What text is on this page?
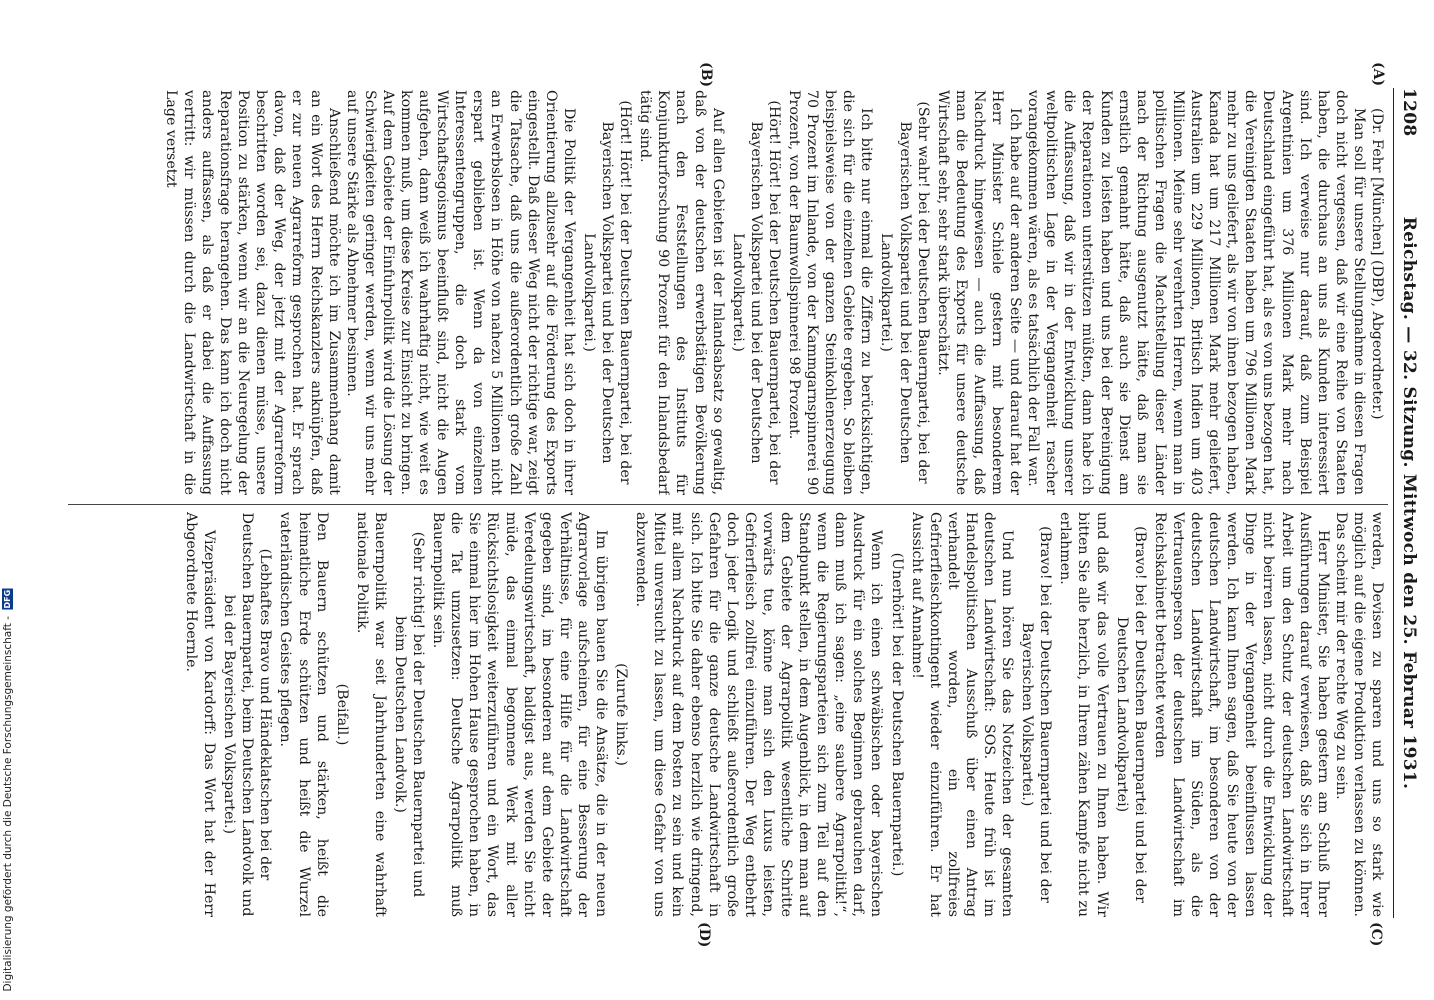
Digitalisierung gefördert durch die Deutsche Forschungsgemeinschaft - DFG
1208
Reichstag. — 32. Sitzung. Mittwoch den 25. Februar 1931.
(A)
(B)
(C)
(D)

(Dr. Fehr [München] (DBP), Abgeordneter.)

Man soll für unsere Stellungnahme in diesen Fragen doch nicht vergessen, daß wir eine Reihe von Staaten haben, die durchaus an uns als Kunden interessiert sind. Ich verweise nur darauf, daß zum Beispiel Argentinien um 376 Millionen Mark mehr nach Deutschland eingeführt hat, als es von uns bezogen hat, die Vereinigten Staaten haben um 796 Millionen Mark mehr zu uns geliefert, als wir von ihnen bezogen haben, Kanada hat um 217 Millionen Mark mehr geliefert, Australien um 229 Millionen, Britisch Indien um 403 Millionen. Meine sehr verehrten Herren, wenn man in politischen Fragen die Machtstellung dieser Länder nach der Richtung ausgenutzt hätte, daß man sie ernstlich gemahnt hätte, daß auch sie Dienst am Kunden zu leisten haben und uns bei der Bereinigung der Reparationen unterstützen müßten, dann habe ich die Auffassung, daß wir in der Entwicklung unserer weltpolitischen Lage in der Vergangenheit rascher vorangekommen wären, als es tatsächlich der Fall war.

Ich habe auf der anderen Seite — und darauf hat der Herr Minister Schiele gestern mit besonderem Nachdruck hingewiesen — auch die Auffassung, daß man die Bedeutung des Exports für unsere deutsche Wirtschaft sehr, sehr stark überschätzt.

(Sehr wahr! bei der Deutschen Bauernpartei, bei der Bayerischen Volkspartei und bei der Deutschen Landvolkpartei.)

Ich bitte nur einmal die Ziffern zu berücksichtigen, die sich für die einzelnen Gebiete ergeben. So bleiben beispielsweise von der ganzen Steinkohlenerzeugung 70 Prozent im Inlande, von der Kammgarnspinnerei 90 Prozent, von der Baumwollspinnerei 98 Prozent.

(Hört! Hört! bei der Deutschen Bauernpartei, bei der Bayerischen Volkspartei und bei der Deutschen Landvolkpartei.)

Auf allen Gebieten ist der Inlandsabsatz so gewaltig, daß von der deutschen erwerbstätigen Bevölkerung nach den Feststellungen des Instituts für Konjunkturforschung 90 Prozent für den Inlandsbedarf tätig sind.

(Hört! Hört! bei der Deutschen Bauernpartei, bei der Bayerischen Volkspartei und bei der Deutschen Landvolkpartei.)

Die Politik der Vergangenheit hat sich doch in ihrer Orientierung allzusehr auf die Förderung des Exports eingestellt. Daß dieser Weg nicht der richtige war, zeigt die Tatsache, daß uns die außerordentlich große Zahl an Erwerbslosen in Höhe von nahezu 5 Millionen nicht erspart geblieben ist. Wenn da von einzelnen Interessentengruppen, die doch stark vom Wirtschaftsegoismus beeinflußt sind, nicht die Augen aufgehen, dann weiß ich wahrhaftig nicht, wie weit es kommen muß, um diese Kreise zur Einsicht zu bringen. Auf dem Gebiete der Einfuhrpolitik wird die Lösung der Schwierigkeiten geringer werden, wenn wir uns mehr auf unsere Stärke als Abnehmer besinnen.

Anschließend möchte ich im Zusammenhang damit an ein Wort des Herrn Reichskanzlers anknüpfen, daß er zur neuen Agrarreform gesprochen hat. Er sprach davon, daß der Weg, der jetzt mit der Agrarreform beschritten worden sei, dazu dienen müsse, unsere Position zu stärken, wenn wir an die Neuregelung der Reparationsfrage herangehen. Das kann ich doch nicht anders auffassen, als daß er dabei die Auffassung vertritt: wir müssen durch die Landwirtschaft in die Lage versetzt

werden, Devisen zu sparen und uns so stark wie möglich auf die eigene Produktion verlassen zu können. Das scheint mir der rechte Weg zu sein.

Herr Minister, Sie haben gestern am Schluß Ihrer Ausführungen darauf verwiesen, daß Sie sich in Ihrer Arbeit um den Schutz der deutschen Landwirtschaft nicht beirren lassen, nicht durch die Entwicklung der Dinge in der Vergangenheit beeinflussen lassen werden. Ich kann Ihnen sagen, daß Sie heute von der deutschen Landwirtschaft, im besonderen von der deutschen Landwirtschaft im Süden, als die Vertrauensperson der deutschen Landwirtschaft im Reichskabinett betrachtet werden

(Bravo! bei der Deutschen Bauernpartei und bei der Deutschen Landvolkpartei)

und daß wir das volle Vertrauen zu Ihnen haben. Wir bitten Sie alle herzlich, in Ihrem zähen Kampfe nicht zu erlahmen.

(Bravo! bei der Deutschen Bauernpartei und bei der Bayerischen Volkspartei.)

Und nun hören Sie das Notzeichen der gesamten deutschen Landwirtschaft: SOS. Heute früh ist im Handelspolitischen Ausschuß über einen Antrag verhandelt worden, ein zollfreies Gefrierfleischkontingent wieder einzuführen. Er hat Aussicht auf Annahme!

(Unerhört! bei der Deutschen Bauernpartei.)

Wenn ich einen schwäbischen oder bayerischen Ausdruck für ein solches Beginnen gebrauchen darf, dann muß ich sagen: „eine saubere Agrarpolitik!“, wenn die Regierungsparteien sich zum Teil auf den Standpunkt stellen, in dem Augenblick, in dem man auf dem Gebiete der Agrarpolitik wesentliche Schritte vorwärts tue, könne man sich den Luxus leisten, Gefrierfleisch zollfrei einzuführen. Der Weg entbehrt doch jeder Logik und schließt außerordentlich große Gefahren für die ganze deutsche Landwirtschaft in sich. Ich bitte Sie daher ebenso herzlich wie dringend, mit allem Nachdruck auf dem Posten zu sein und kein Mittel unversucht zu lassen, um diese Gefahr von uns abzuwenden.

(Zurufe links.)

Im übrigen bauen Sie die Ansätze, die in der neuen Agrarvorlage aufscheinen, für eine Besserung der Verhältnisse, für eine Hilfe für die Landwirtschaft gegeben sind, im besonderen auf dem Gebiete der Veredelungswirtschaft, baldigst aus, werden Sie nicht müde, das einmal begonnene Werk mit aller Rücksichtslosigkeit weiterzuführen und ein Wort, das Sie einmal hier im Hohen Hause gesprochen haben, in die Tat umzusetzen: Deutsche Agrarpolitik muß Bauernpolitik sein.

(Sehr richtig! bei der Deutschen Bauernpartei und beim Deutschen Landvolk.)

Bauernpolitik war seit Jahrhunderten eine wahrhaft nationale Politik.

(Beifall.)

Den Bauern schützen und stärken, heißt die heimatliche Erde schützen und heißt die Wurzel vaterländischen Geistes pflegen.

(Lebhaftes Bravo und Händeklatschen bei der Deutschen Bauernpartei, beim Deutschen Landvolk und bei der Bayerischen Volkspartei.)

Vizepräsident von Kardorff: Das Wort hat der Herr Abgeordnete Hoernle.
